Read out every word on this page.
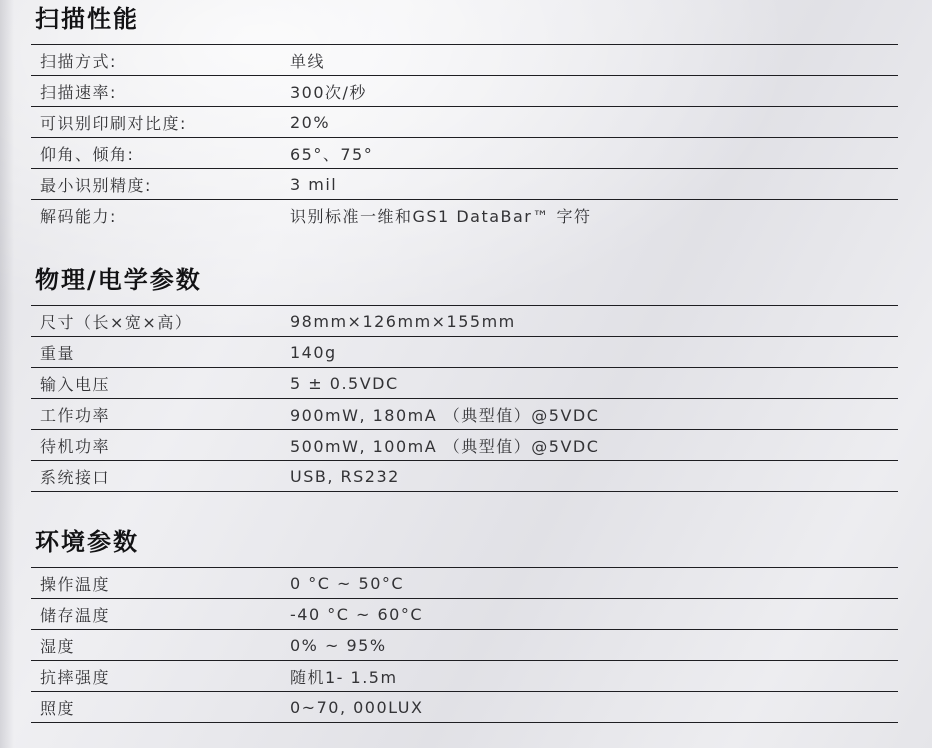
扫描性能
扫描方式:	单线
扫描速率:	300次/秒
可识别印刷对比度:	20%
仰角、倾角:	65°、75°
最小识别精度:	3 mil
解码能力:	识别标准一维和GS1 DataBar™ 字符
物理/电学参数
尺寸（长×宽×高）	98mm×126mm×155mm
重量	140g
输入电压	5 ± 0.5VDC
工作功率	900mW, 180mA （典型值）@5VDC
待机功率	500mW, 100mA （典型值）@5VDC
系统接口	USB, RS232
环境参数
操作温度	0 °C ~ 50°C
储存温度	-40 °C ~ 60°C
湿度	0% ~ 95%
抗摔强度	随机1- 1.5m
照度	0~70, 000LUX
